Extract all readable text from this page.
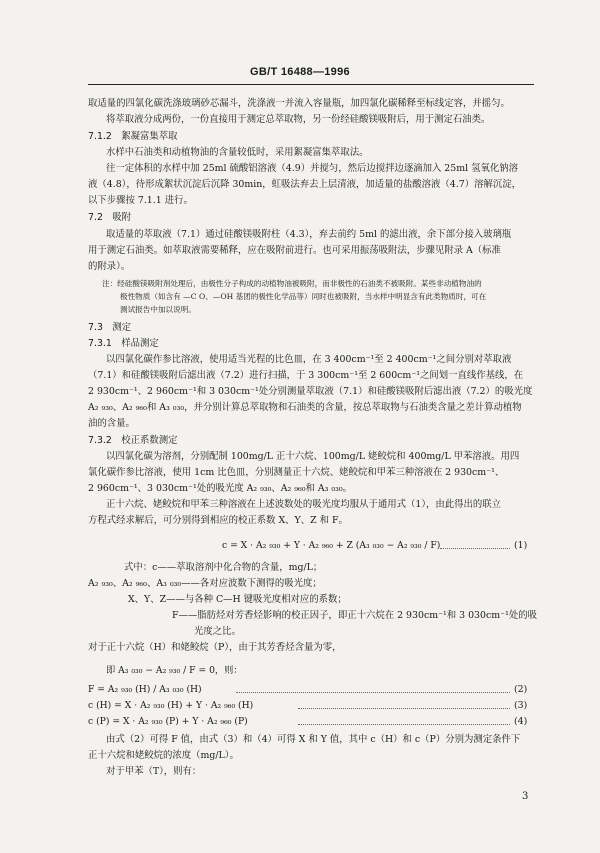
GB/T 16488—1996
取适量的四氯化碳洗涤玻璃砂芯漏斗，洗涤液一并流入容量瓶，加四氯化碳稀释至标线定容，并摇匀。
将萃取液分成两份，一份直接用于测定总萃取物，另一份经硅酸镁吸附后，用于测定石油类。
7.1.2　絮凝富集萃取
水样中石油类和动植物油的含量较低时，采用絮凝富集萃取法。
往一定体积的水样中加 25ml 硫酸铝溶液（4.9）并搅匀，然后边搅拌边逐滴加入 25ml 氢氧化钠溶
液（4.8），待形成絮状沉淀后沉降 30min，虹吸法弃去上层清液，加适量的盐酸溶液（4.7）溶解沉淀，
以下步骤按 7.1.1 进行。
7.2　吸附
取适量的萃取液（7.1）通过硅酸镁吸附柱（4.3），弃去前约 5ml 的滤出液，余下部分接入玻璃瓶
用于测定石油类。如萃取液需要稀释，应在吸附前进行。也可采用振荡吸附法，步骤见附录 A（标准
的附录）。
注：经硅酸镁吸附剂处理后，由极性分子构成的动植物油被吸附，而非极性的石油类不被吸附。某些非动植物油的
极性物质（如含有 —C O、—OH 基团的极性化学品等）同时也被吸附，当水样中明显含有此类物质时，可在
测试报告中加以说明。
7.3　测定
7.3.1　样品测定
以四氯化碳作参比溶液，使用适当光程的比色皿，在 3 400cm⁻¹至 2 400cm⁻¹之间分别对萃取液
（7.1）和硅酸镁吸附后滤出液（7.2）进行扫描，于 3 300cm⁻¹至 2 600cm⁻¹之间划一直线作基线，在
2 930cm⁻¹、2 960cm⁻¹和 3 030cm⁻¹处分别测量萃取液（7.1）和硅酸镁吸附后滤出液（7.2）的吸光度
A₂ ₉₃₀、A₂ ₉₆₀和 A₃ ₀₃₀，并分别计算总萃取物和石油类的含量，按总萃取物与石油类含量之差计算动植物
油的含量。
7.3.2　校正系数测定
以四氯化碳为溶剂，分别配制 100mg/L 正十六烷、100mg/L 姥鲛烷和 400mg/L 甲苯溶液。用四
氯化碳作参比溶液，使用 1cm 比色皿，分别测量正十六烷、姥鲛烷和甲苯三种溶液在 2 930cm⁻¹、
2 960cm⁻¹、3 030cm⁻¹处的吸光度 A₂ ₉₃₀、A₂ ₉₆₀和 A₃ ₀₃₀。
正十六烷、姥鲛烷和甲苯三种溶液在上述波数处的吸光度均服从于通用式（1），由此得出的联立
方程式经求解后，可分别得到相应的校正系数 X、Y、Z 和 F。
c = X · A₂ ₉₃₀ + Y · A₂ ₉₆₀ + Z (A₃ ₀₃₀ − A₂ ₉₃₀ / F)	(1)
式中：c——萃取溶剂中化合物的含量，mg/L；
A₂ ₉₃₀、A₂ ₉₆₀、A₃ ₀₃₀——各对应波数下测得的吸光度；
X、Y、Z——与各种 C—H 键吸光度相对应的系数；
F——脂肪烃对芳香烃影响的校正因子，即正十六烷在 2 930cm⁻¹和 3 030cm⁻¹处的吸
光度之比。
对于正十六烷（H）和姥鲛烷（P），由于其芳香烃含量为零，
即 A₃ ₀₃₀ − A₂ ₉₃₀ / F = 0，则：
F = A₂ ₉₃₀ (H) / A₃ ₀₃₀ (H)	(2)
c (H) = X · A₂ ₉₃₀ (H) + Y · A₂ ₉₆₀ (H)	(3)
c (P) = X · A₂ ₉₃₀ (P) + Y · A₂ ₉₆₀ (P)	(4)
由式（2）可得 F 值，由式（3）和（4）可得 X 和 Y 值，其中 c（H）和 c（P）分别为测定条件下
正十六烷和姥鲛烷的浓度（mg/L）。
对于甲苯（T），则有：
3
